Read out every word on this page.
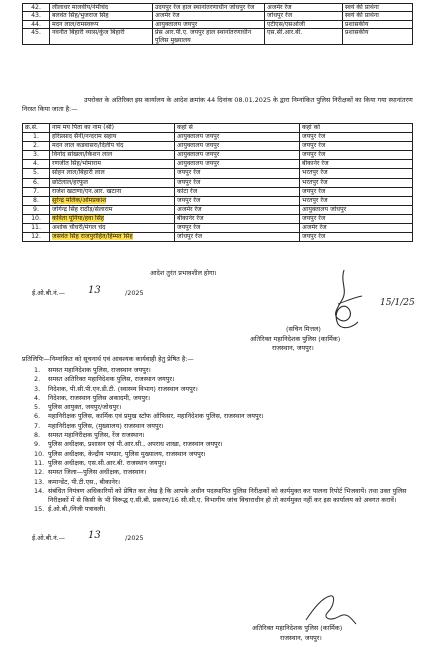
42.	लीलाधर मालवीय/नेमीचंद	उदयपुर रेंज हाल स्थानांतरणाधीन जोधपुर रेंज	अजमेर रेंज	स्वयं की प्रार्थना
43.	बलवंत सिंह/भुजराज सिंह	अजमेर रेंज	जोधपुर रेंज	स्वयं की प्रार्थना
44.	मदन लाल/रामस्वरूप	आयुक्तालय जयपुर	एटीएस/एसओजी	प्रशासकीय
45.	नवनीत बिहारी व्यास/कुंज बिहारी	प्रेस आर.पी.ए. जयपुर हाल स्थानांतरणाधीन पुलिस मुख्यालय	एस.सी.आर.बी.	प्रशासकीय
उपरोक्त के अतिरिक्त इस कार्यालय के आदेश क्रमांक 44 दिनांक 08.01.2025 के द्वारा निम्नांकित पुलिस निरीक्षकों का किया गया स्थानांतरण निरस्त किया जाता है:—
क्र.सं.	नाम मय पिता का नाम (श्री)	कहां से	कहां को
1.	हरिप्रसाद सैनी/नन्दराम सहाय	आयुक्तालय जयपुर	जयपुर रेंज
2.	मदन लाल कडवासरा/दिलीप चंद	आयुक्तालय जयपुर	जयपुर रेंज
3.	विनोद सांखला/किशन लाल	आयुक्तालय जयपुर	जयपुर रेंज
4.	रणजीत सिंह/भोमाराम	आयुक्तालय जयपुर	बीकानेर रेंज
5.	सोहन लाल/बिहारी लाल	जयपुर रेंज	भरतपुर रेंज
6.	छोटेलाल/हरफूल	जयपुर रेंज	भरतपुर रेंज
7.	राजेश खटाणा/एन.आर. खटाना	कोटा रेंज	जयपुर रेंज
8.	सुरेन्द्र मलिक/ओमप्रकाश	जयपुर रेंज	भरतपुर रेंज
9.	जोगेन्द्र सिंह राठौड़/सेलाराम	अजमेर रेंज	आयुक्तालय जोधपुर
10.	कविता पूनिया/हवा सिंह	बीकानेर रेंज	जयपुर रेंज
11.	अशोक चौधरी/मंगल चंद	जयपुर रेंज	अजमेर रेंज
12.	जसवंत सिंह राजपुरोहित/हिम्मत सिंह	जोधपुर रेंज	जयपुर रेंज
आदेश तुरंत प्रभावशील होगा।
ई.ओ.बी.नं.—	/2025
13
15/1/25
(सचिन मित्तल)
अतिरिक्त महानिदेशक पुलिस (कार्मिक)
राजस्थान, जयपुर।
प्रतिलिपिः—निम्नांकित को सूचनार्थ एवं आवश्यक कार्यवाही हेतु प्रेषित है:—
1. समस्त महानिदेशक पुलिस, राजस्थान जयपुर।
2. समस्त अतिरिक्त महानिदेशक पुलिस, राजस्थान जयपुर।
3. निदेशक, पी.सी.पी.एन.डी.टी. (स्वास्थ्य विभाग) राजस्थान जयपुर।
4. निदेशक, राजस्थान पुलिस अकादमी, जयपुर।
5. पुलिस आयुक्त, जयपुर/जोधपुर।
6. महानिरीक्षक पुलिस, कार्मिक एवं प्रमुख स्टॉफ ऑफिसर, महानिदेशक पुलिस, राजस्थान जयपुर।
7. महानिरीक्षक पुलिस, (मुख्यालय) राजस्थान जयपुर।
8. समस्त महानिरीक्षक पुलिस, रेंज राजस्थान।
9. पुलिस अधीक्षक, प्रशासन एवं पी.आर.सी., अपराध शाखा, राजस्थान जयपुर।
10. पुलिस अधीक्षक, केन्द्रीय भण्डार, पुलिस मुख्यालय, राजस्थान जयपुर।
11. पुलिस अधीक्षक, एस.सी.आर.बी. राजस्थान जयपुर।
12. समस्त जिला—पुलिस अधीक्षक, राजस्थान।
13. कमान्डेंट, पी.टी.एस., बीकानेर।
14. संबंधित नियंत्रण अधिकारियों को प्रेषित कर लेख है कि आपके अधीन पदस्थापित पुलिस निरीक्षकों को कार्यमुक्त कर पालना रिपोर्ट भिजवायें। तथा उक्त पुलिस निरीक्षकों में से किसी के भी विरूद्ध ए.सी.बी. प्रकरण/16 सी.सी.ए. विभागीय जांच विचाराधीन हो तो कार्यमुक्त नहीं कर इस कार्यालय को अवगत करावें।
15. ई.ओ.बी./निजी पत्रावली।
ई.ओ.बी.नं.—	/2025
13
अतिरिक्त महानिदेशक पुलिस (कार्मिक)
राजस्थान, जयपुर।
